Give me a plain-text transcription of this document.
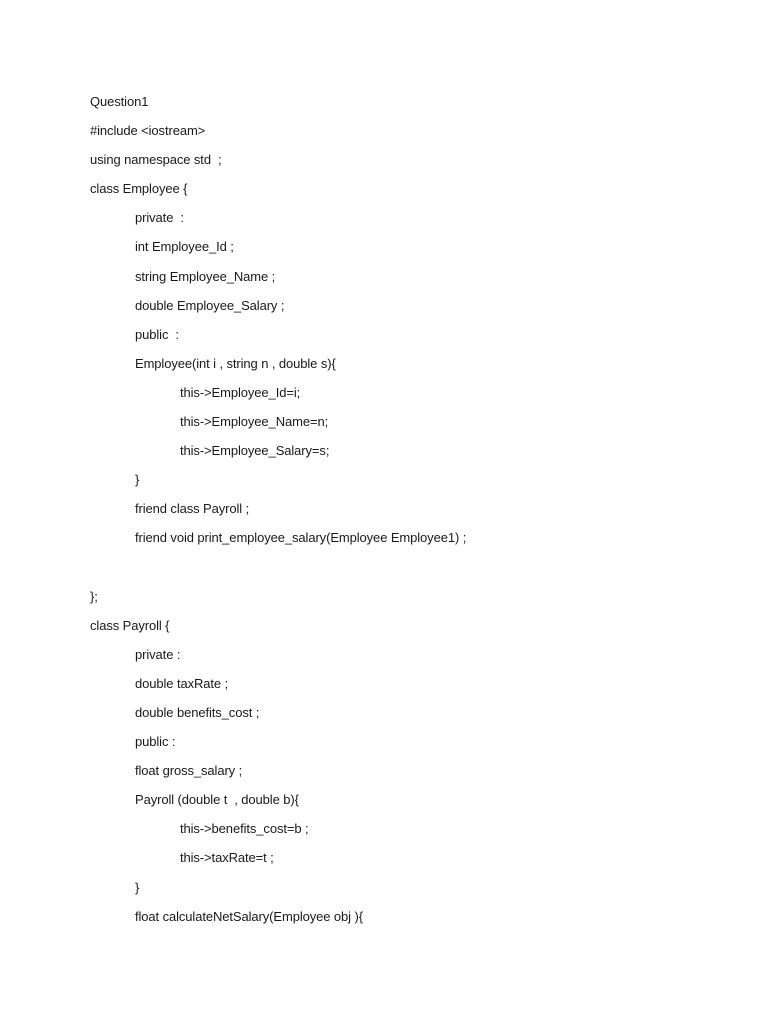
Question1
#include <iostream>
using namespace std  ;
class Employee {
private  :
int Employee_Id ;
string Employee_Name ;
double Employee_Salary ;
public  :
Employee(int i , string n , double s){
this->Employee_Id=i;
this->Employee_Name=n;
this->Employee_Salary=s;
}
friend class Payroll ;
friend void print_employee_salary(Employee Employee1) ;
};
class Payroll {
private :
double taxRate ;
double benefits_cost ;
public :
float gross_salary ;
Payroll (double t  , double b){
this->benefits_cost=b ;
this->taxRate=t ;
}
float calculateNetSalary(Employee obj ){
